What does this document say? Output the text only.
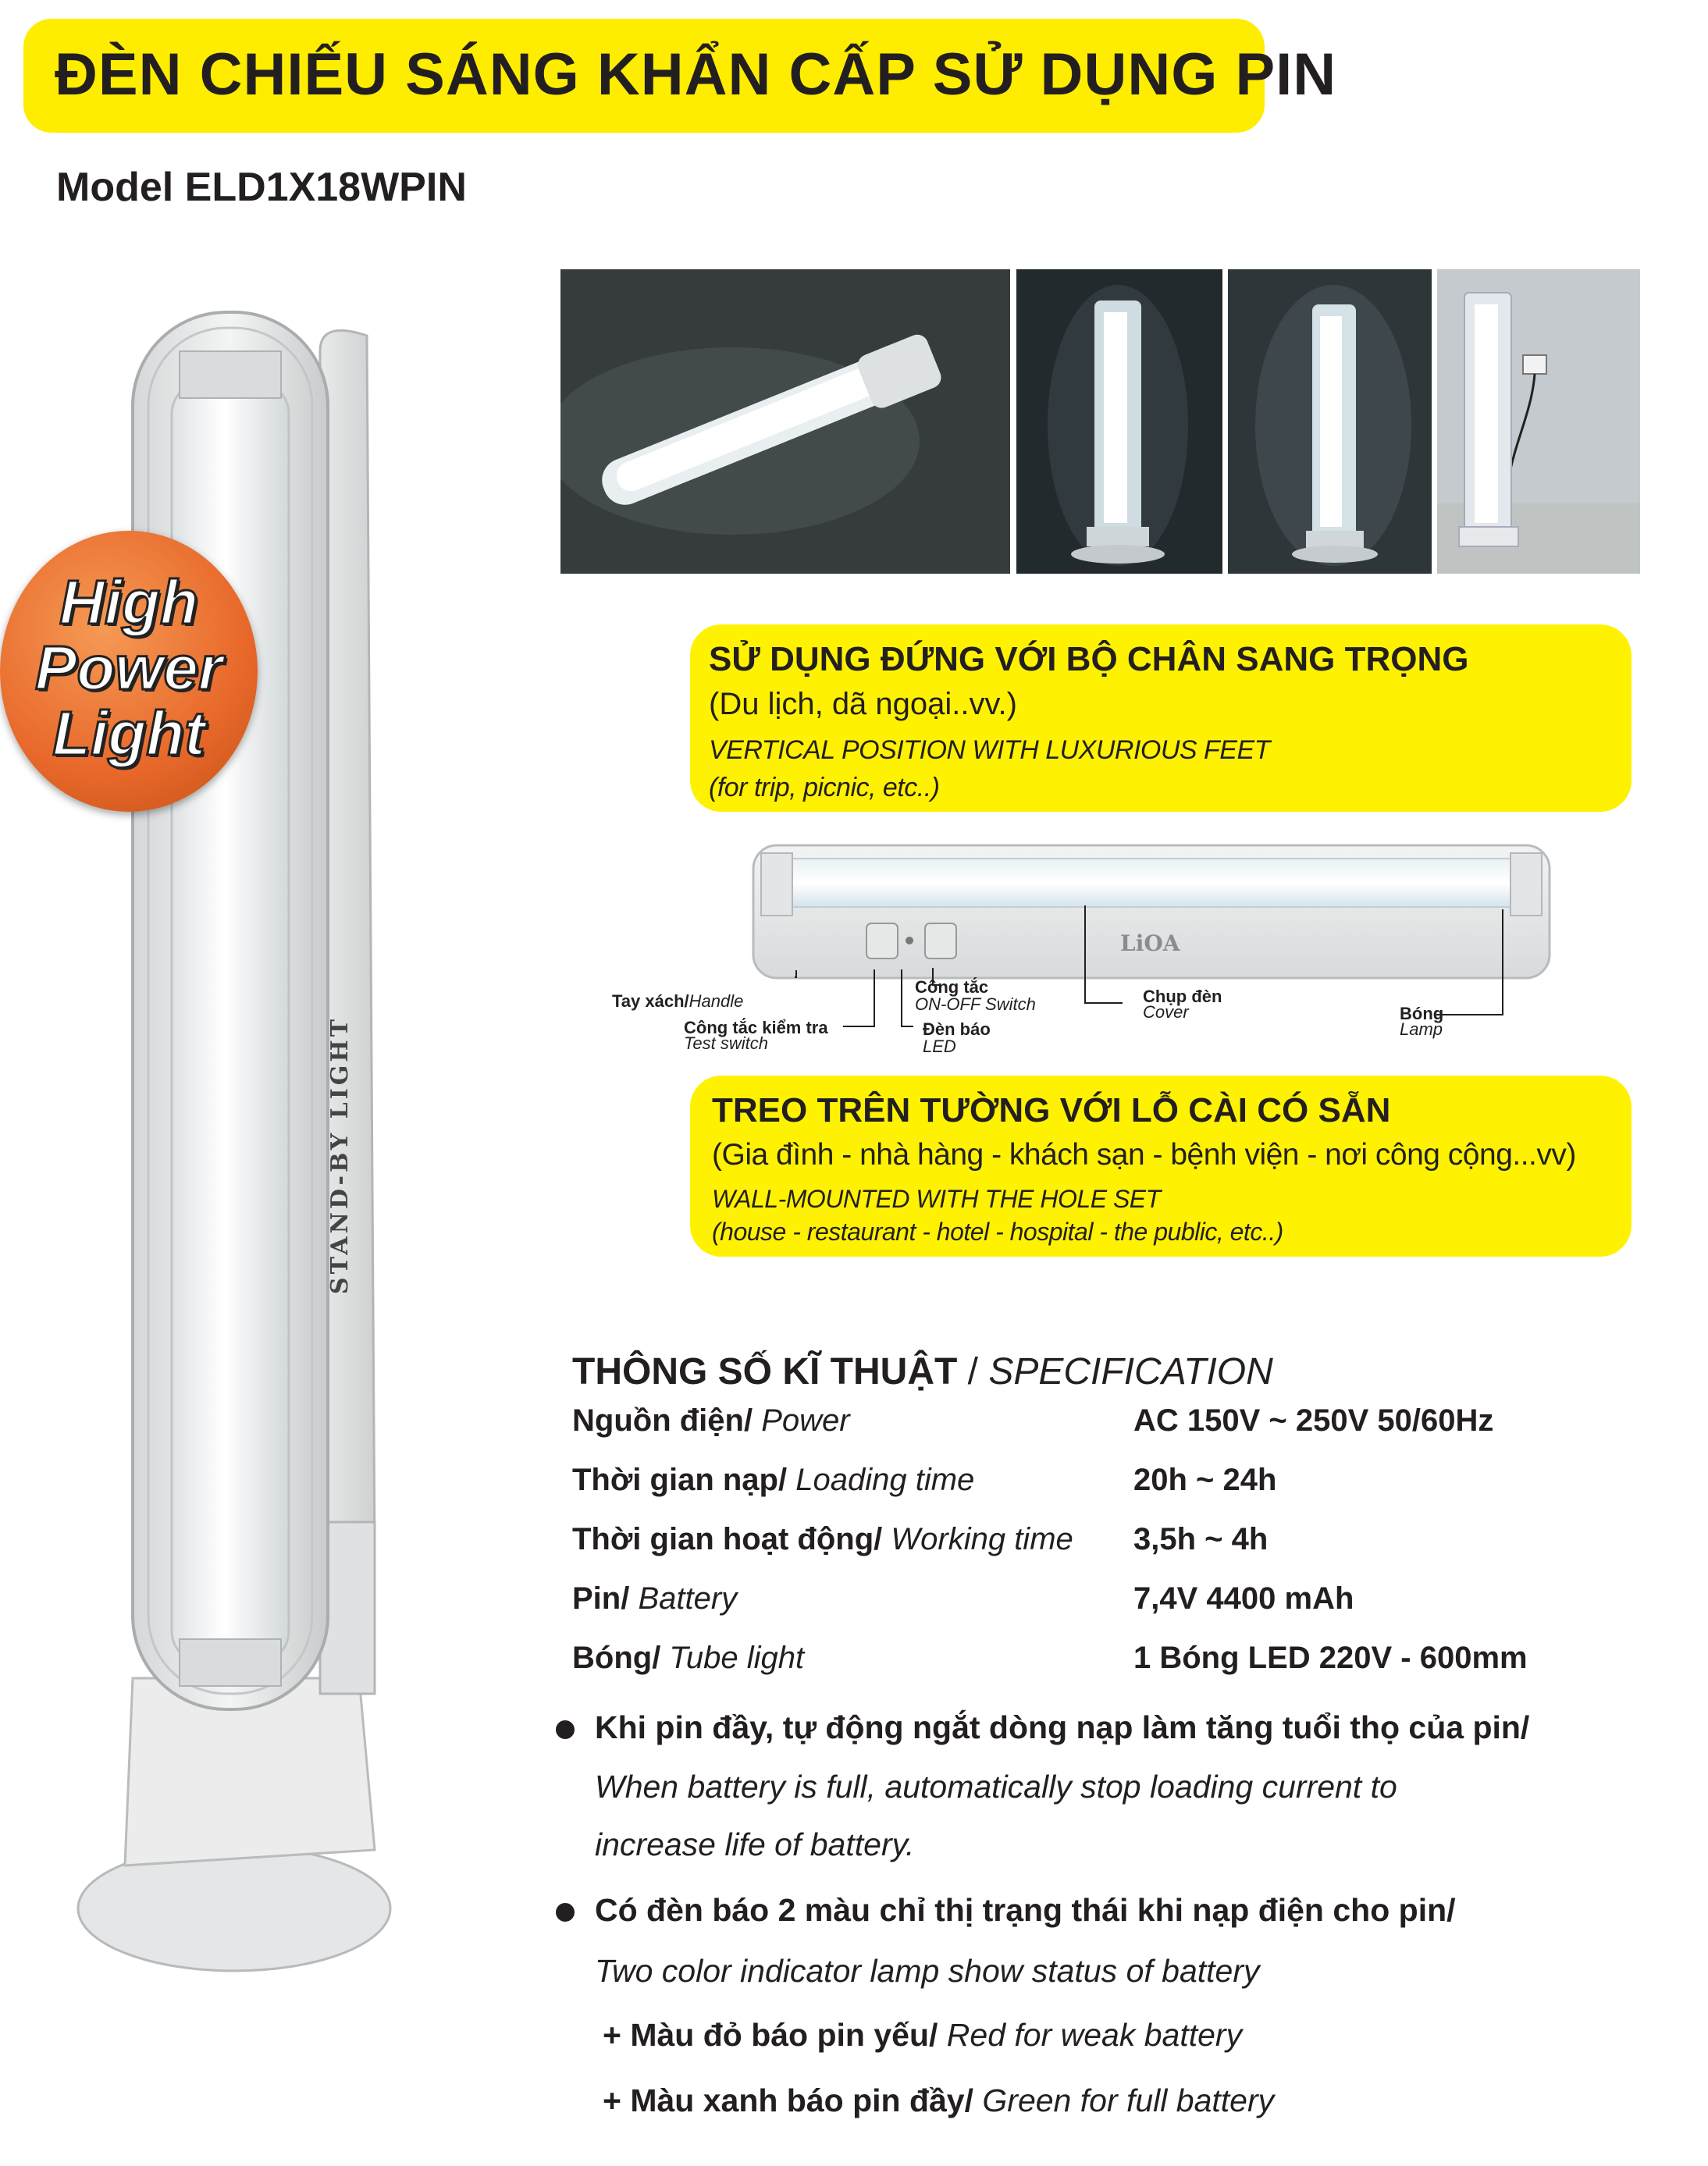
ĐÈN CHIẾU SÁNG KHẨN CẤP SỬ DỤNG PIN
Model ELD1X18WPIN
STAND-BY LIGHT
High
Power
Light
SỬ DỤNG ĐỨNG VỚI BỘ CHÂN SANG TRỌNG
(Du lịch, dã ngoại..vv.)
VERTICAL POSITION WITH LUXURIOUS FEET
(for trip, picnic, etc..)
LiOA
Tay xách/Handle
Công tắc kiểm tra
Test switch
Công tắc
ON-OFF Switch
Đèn báo
LED
Chụp đèn
Cover	Bóng
Lamp
TREO TRÊN TƯỜNG VỚI LỖ CÀI CÓ SẴN
(Gia đình - nhà hàng - khách sạn - bệnh viện - nơi công cộng...vv)
WALL-MOUNTED WITH THE HOLE SET
(house - restaurant - hotel - hospital - the public, etc..)
THÔNG SỐ KĨ THUẬT / SPECIFICATION
Nguồn điện/ Power	AC 150V ~ 250V 50/60Hz
Thời gian nạp/ Loading time	20h ~ 24h
Thời gian hoạt động/ Working time 3,5h ~ 4h
Pin/ Battery	7,4V 4400 mAh
Bóng/ Tube light	1 Bóng LED 220V - 600mm
Khi pin đầy, tự động ngắt dòng nạp làm tăng tuổi thọ của pin/
When battery is full, automatically stop loading current to
increase life of battery.
Có đèn báo 2 màu chỉ thị trạng thái khi nạp điện cho pin/
Two color indicator lamp show status of battery
+ Màu đỏ báo pin yếu/ Red for weak battery
+ Màu xanh báo pin đầy/ Green for full battery
